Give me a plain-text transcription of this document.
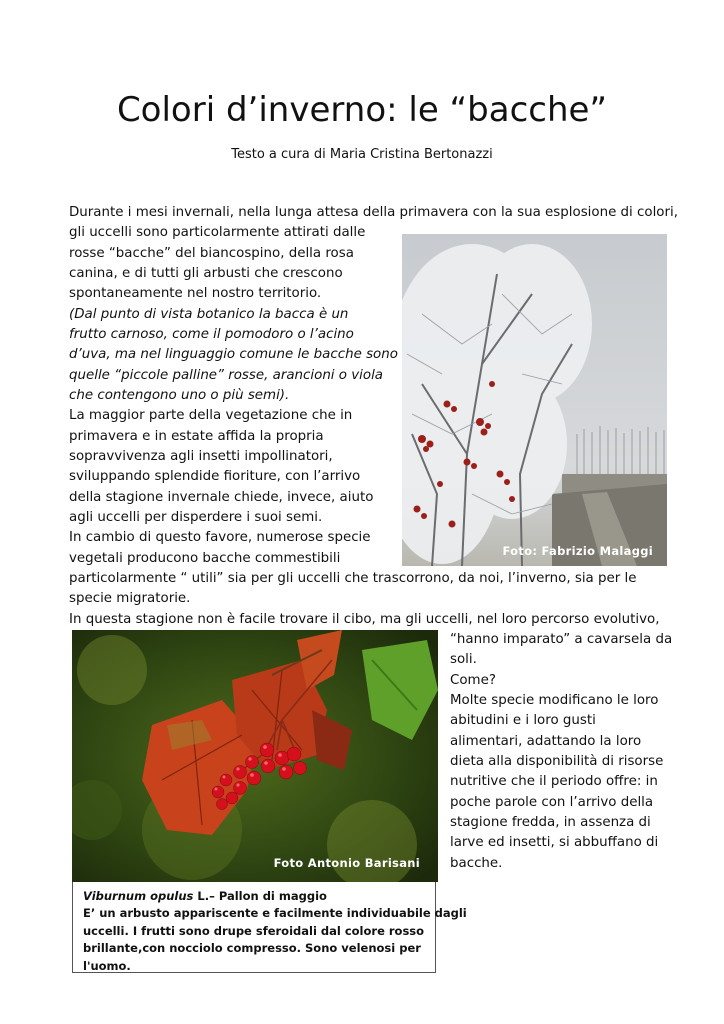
Colori d’inverno: le “bacche”
Testo a cura di Maria Cristina Bertonazzi
Durante i mesi invernali, nella lunga attesa della primavera con la sua esplosione di colori,
gli uccelli sono particolarmente attirati dalle
rosse “bacche” del biancospino, della rosa
canina, e di tutti gli arbusti che crescono
spontaneamente nel nostro territorio.
(Dal punto di vista botanico la bacca è un
frutto carnoso, come il pomodoro o l’acino
d’uva, ma nel linguaggio comune le bacche sono
quelle “piccole palline” rosse, arancioni o viola
che contengono uno o più semi).
La maggior parte della vegetazione che in
primavera e in estate affida la propria
sopravvivenza agli insetti impollinatori,
sviluppando splendide fioriture, con l’arrivo
della stagione invernale chiede, invece, aiuto
agli uccelli per disperdere i suoi semi.
In cambio di questo favore, numerose specie
vegetali producono bacche commestibili
particolarmente “ utili” sia per gli uccelli che trascorrono, da noi, l’inverno, sia per le
specie migratorie.
In questa stagione non è facile trovare il cibo, ma gli uccelli, nel loro percorso evolutivo,
“hanno imparato” a cavarsela da
soli.
Come?
Molte specie modificano le loro
abitudini e i loro gusti
alimentari, adattando la loro
dieta alla disponibilità di risorse
nutritive che il periodo offre: in
poche parole con l’arrivo della
stagione fredda, in assenza di
larve ed insetti, si abbuffano di
bacche.
Foto: Fabrizio Malaggi
Foto Antonio Barisani
Viburnum opulus L.– Pallon di maggio
E’ un arbusto appariscente e facilmente individuabile dagli
uccelli. I frutti sono drupe sferoidali dal colore rosso
brillante,con nocciolo compresso. Sono velenosi per
l'uomo.
